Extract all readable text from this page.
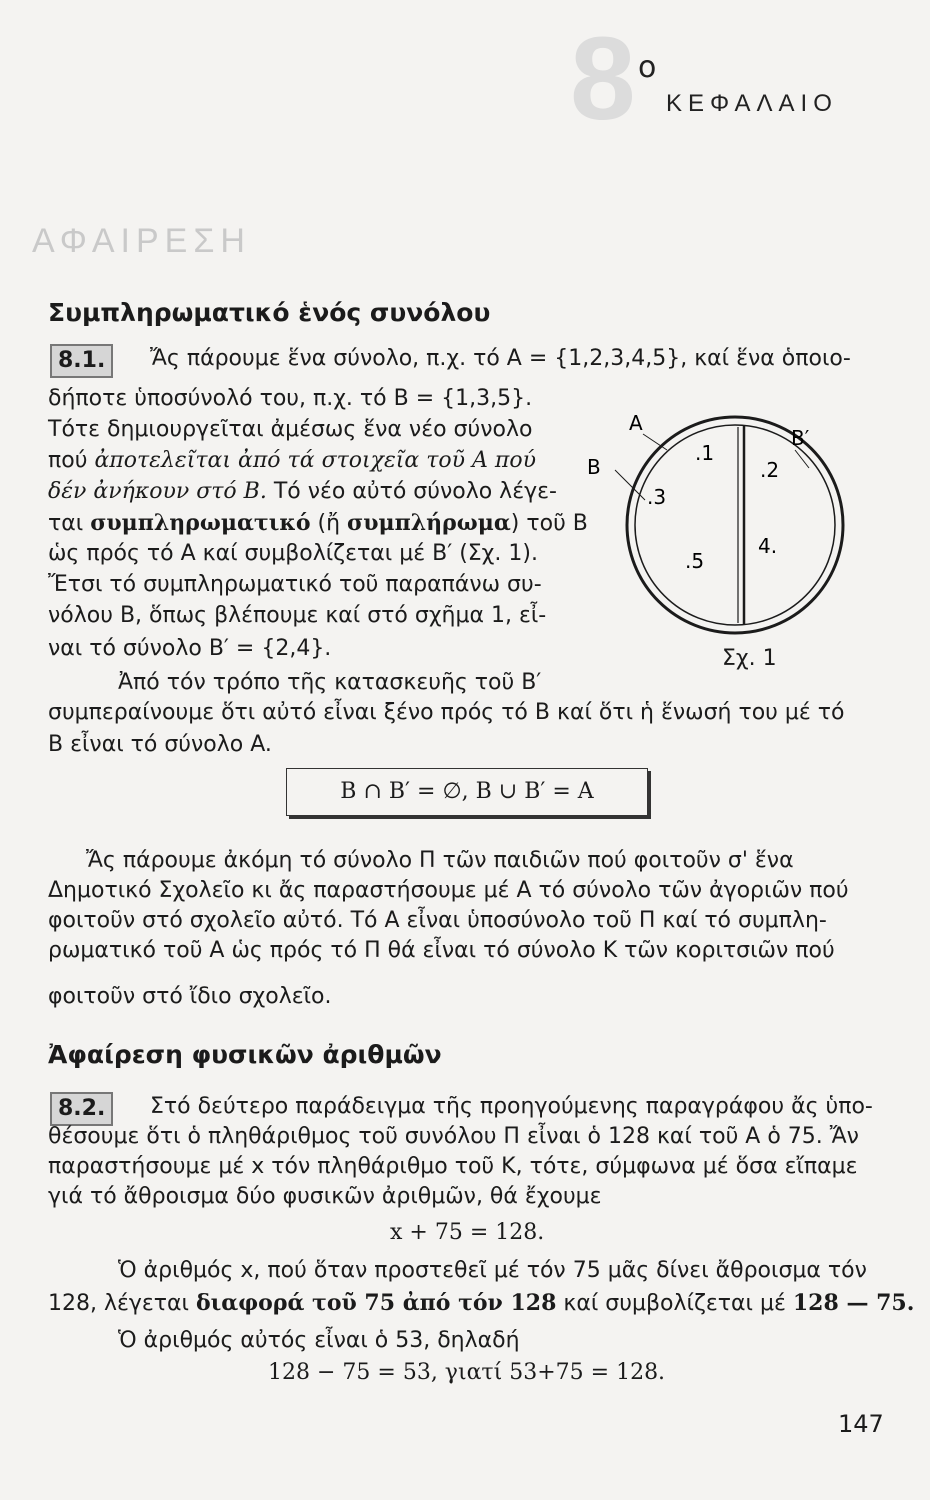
8 ο
ΚΕΦΑΛΑΙΟ
ΑΦΑΙΡΕΣΗ
Συμπληρωματικό ἑνός συνόλου
8.1.	Ἄς πάρουμε ἕνα σύνολο, π.χ. τό A = {1,2,3,4,5}, καί ἕνα ὁποιο-
δήποτε ὑποσύνολό του, π.χ. τό B = {1,3,5}.
Τότε δημιουργεῖται ἀμέσως ἕνα νέο σύνολο
πού ἀποτελεῖται ἀπό τά στοιχεῖα τοῦ A πού
δέν ἀνήκουν στό B. Τό νέο αὐτό σύνολο λέγε-
ται συμπληρωματικό (ἤ συμπλήρωμα) τοῦ B
ὡς πρός τό A καί συμβολίζεται μέ B′ (Σχ. 1).
Ἔτσι τό συμπληρωματικό τοῦ παραπάνω συ-
νόλου B, ὅπως βλέπουμε καί στό σχῆμα 1, εἶ-
ναι τό σύνολο B′ = {2,4}.
Ἀπό τόν τρόπο τῆς κατασκευῆς τοῦ B′
συμπεραίνουμε ὅτι αὐτό εἶναι ξένο πρός τό B καί ὅτι ἡ ἕνωσή του μέ τό
B εἶναι τό σύνολο A.
A
B
B′
.1
.2
.3
4.
.5
Σχ. 1
B ∩ B′ = ∅, B ∪ B′ = A
Ἄς πάρουμε ἀκόμη τό σύνολο Π τῶν παιδιῶν πού φοιτοῦν σ' ἕνα
Δημοτικό Σχολεῖο κι ἄς παραστήσουμε μέ A τό σύνολο τῶν ἀγοριῶν πού
φοιτοῦν στό σχολεῖο αὐτό. Τό A εἶναι ὑποσύνολο τοῦ Π καί τό συμπλη-
ρωματικό τοῦ A ὡς πρός τό Π θά εἶναι τό σύνολο K τῶν κοριτσιῶν πού
φοιτοῦν στό ἴδιο σχολεῖο.
Ἀφαίρεση φυσικῶν ἀριθμῶν
8.2.	Στό δεύτερο παράδειγμα τῆς προηγούμενης παραγράφου ἄς ὑπο-
θέσουμε ὅτι ὁ πληθάριθμος τοῦ συνόλου Π εἶναι ὁ 128 καί τοῦ A ὁ 75. Ἄν
παραστήσουμε μέ x τόν πληθάριθμο τοῦ K, τότε, σύμφωνα μέ ὅσα εἴπαμε
γιά τό ἄθροισμα δύο φυσικῶν ἀριθμῶν, θά ἔχουμε
x + 75 = 128.
Ὁ ἀριθμός x, πού ὅταν προστεθεῖ μέ τόν 75 μᾶς δίνει ἄθροισμα τόν
128, λέγεται διαφορά τοῦ 75 ἀπό τόν 128 καί συμβολίζεται μέ 128 — 75.
Ὁ ἀριθμός αὐτός εἶναι ὁ 53, δηλαδή
128 − 75 = 53, γιατί 53+75 = 128.
147
